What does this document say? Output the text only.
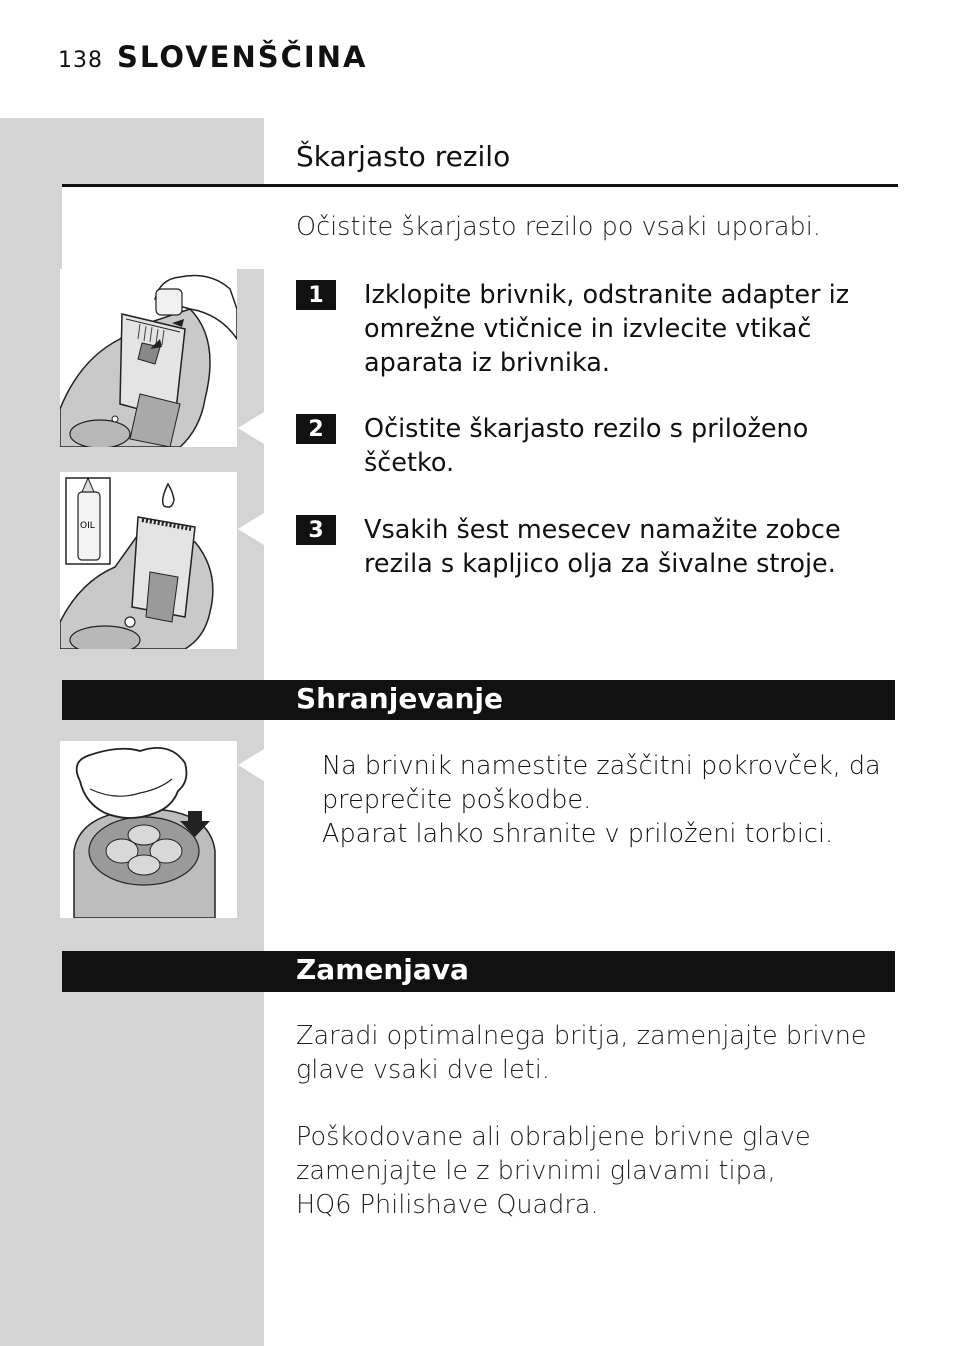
138 SLOVENŠČINA
Škarjasto rezilo
Očistite škarjasto rezilo po vsaki uporabi.
1	Izklopite brivnik, odstranite adapter iz omrežne vtičnice in izvlecite vtikač aparata iz brivnika.
2	Očistite škarjasto rezilo s priloženo ščetko.
3	Vsakih šest mesecev namažite zobce rezila s kapljico olja za šivalne stroje.
OIL
Shranjevanje
Na brivnik namestite zaščitni pokrovček, da preprečite poškodbe.
Aparat lahko shranite v priloženi torbici.
Zamenjava
Zaradi optimalnega britja, zamenjajte brivne glave vsaki dve leti.
Poškodovane ali obrabljene brivne glave zamenjajte le z brivnimi glavami tipa, HQ6 Philishave Quadra.
